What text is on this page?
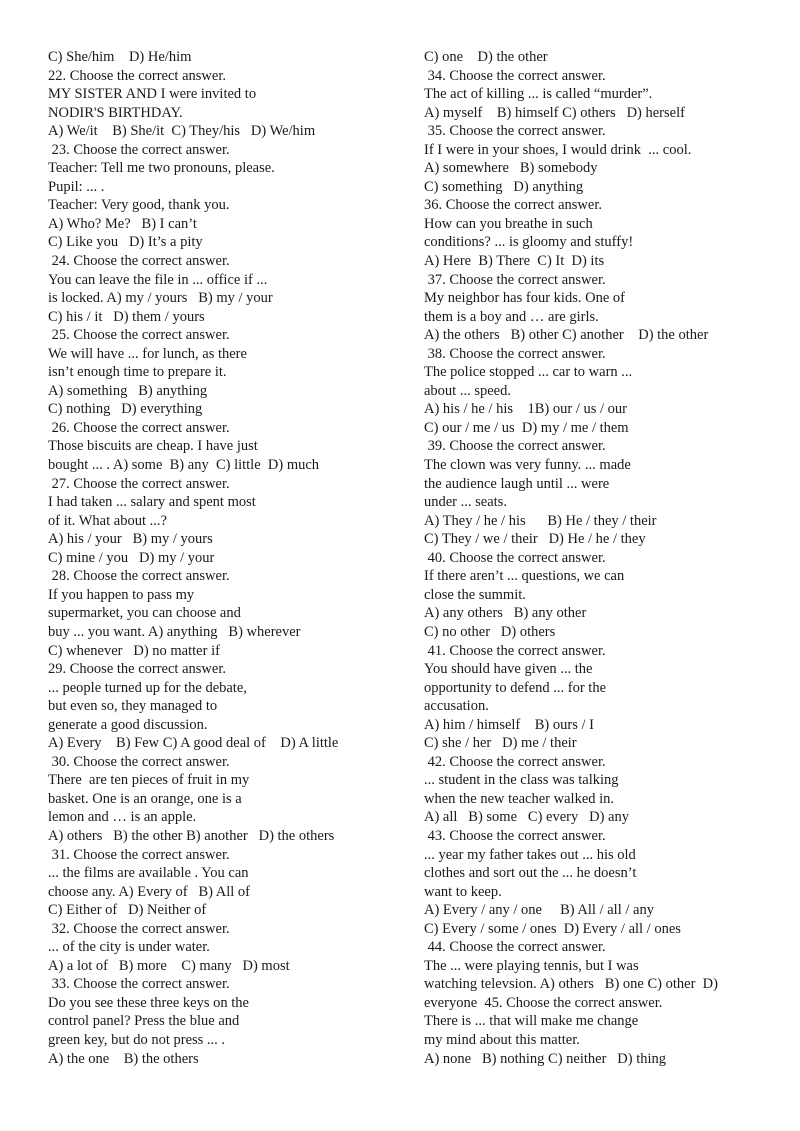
C) She/him    D) He/him
22. Choose the correct answer.
MY SISTER AND I were invited to
NODIR'S BIRTHDAY.
A) We/it    B) She/it  C) They/his   D) We/him
23. Choose the correct answer.
Teacher: Tell me two pronouns, please.
Pupil: ... .
Teacher: Very good, thank you.
A) Who? Me?   B) I can’t
C) Like you   D) It’s a pity
24. Choose the correct answer.
You can leave the file in ... office if ...
is locked. A) my / yours   B) my / your
C) his / it   D) them / yours
25. Choose the correct answer.
We will have ... for lunch, as there
isn’t enough time to prepare it.
A) something   B) anything
C) nothing   D) everything
26. Choose the correct answer.
Those biscuits are cheap. I have just
bought ... . A) some  B) any  C) little  D) much
27. Choose the correct answer.
I had taken ... salary and spent most
of it. What about ...?
A) his / your   B) my / yours
C) mine / you   D) my / your
28. Choose the correct answer.
If you happen to pass my
supermarket, you can choose and
buy ... you want. A) anything   B) wherever
C) whenever   D) no matter if
29. Choose the correct answer.
... people turned up for the debate,
but even so, they managed to
generate a good discussion.
A) Every    B) Few C) A good deal of    D) A little
30. Choose the correct answer.
There  are ten pieces of fruit in my
basket. One is an orange, one is a
lemon and … is an apple.
A) others   B) the other B) another   D) the others
31. Choose the correct answer.
... the films are available . You can
choose any. A) Every of   B) All of
C) Either of   D) Neither of
32. Choose the correct answer.
... of the city is under water.
A) a lot of   B) more    C) many   D) most
33. Choose the correct answer.
Do you see these three keys on the
control panel? Press the blue and
green key, but do not press ... .
A) the one    B) the others
C) one    D) the other
34. Choose the correct answer.
The act of killing ... is called “murder”.
A) myself    B) himself C) others   D) herself
35. Choose the correct answer.
If I were in your shoes, I would drink  ... cool.
A) somewhere   B) somebody
C) something   D) anything
36. Choose the correct answer.
How can you breathe in such
conditions? ... is gloomy and stuffy!
A) Here  B) There  C) It  D) its
37. Choose the correct answer.
My neighbor has four kids. One of
them is a boy and … are girls.
A) the others   B) other C) another    D) the other
38. Choose the correct answer.
The police stopped ... car to warn ...
about ... speed.
A) his / he / his    1B) our / us / our
C) our / me / us  D) my / me / them
39. Choose the correct answer.
The clown was very funny. ... made
the audience laugh until ... were
under ... seats.
A) They / he / his      B) He / they / their
C) They / we / their   D) He / he / they
40. Choose the correct answer.
If there aren’t ... questions, we can
close the summit.
A) any others   B) any other
C) no other   D) others
41. Choose the correct answer.
You should have given ... the
opportunity to defend ... for the
accusation.
A) him / himself    B) ours / I
C) she / her   D) me / their
42. Choose the correct answer.
... student in the class was talking
when the new teacher walked in.
A) all   B) some   C) every   D) any
43. Choose the correct answer.
... year my father takes out ... his old
clothes and sort out the ... he doesn’t
want to keep.
A) Every / any / one     B) All / all / any
C) Every / some / ones  D) Every / all / ones
44. Choose the correct answer.
The ... were playing tennis, but I was
watching televsion. A) others   B) one C) other  D)
everyone  45. Choose the correct answer.
There is ... that will make me change
my mind about this matter.
A) none   B) nothing C) neither   D) thing
